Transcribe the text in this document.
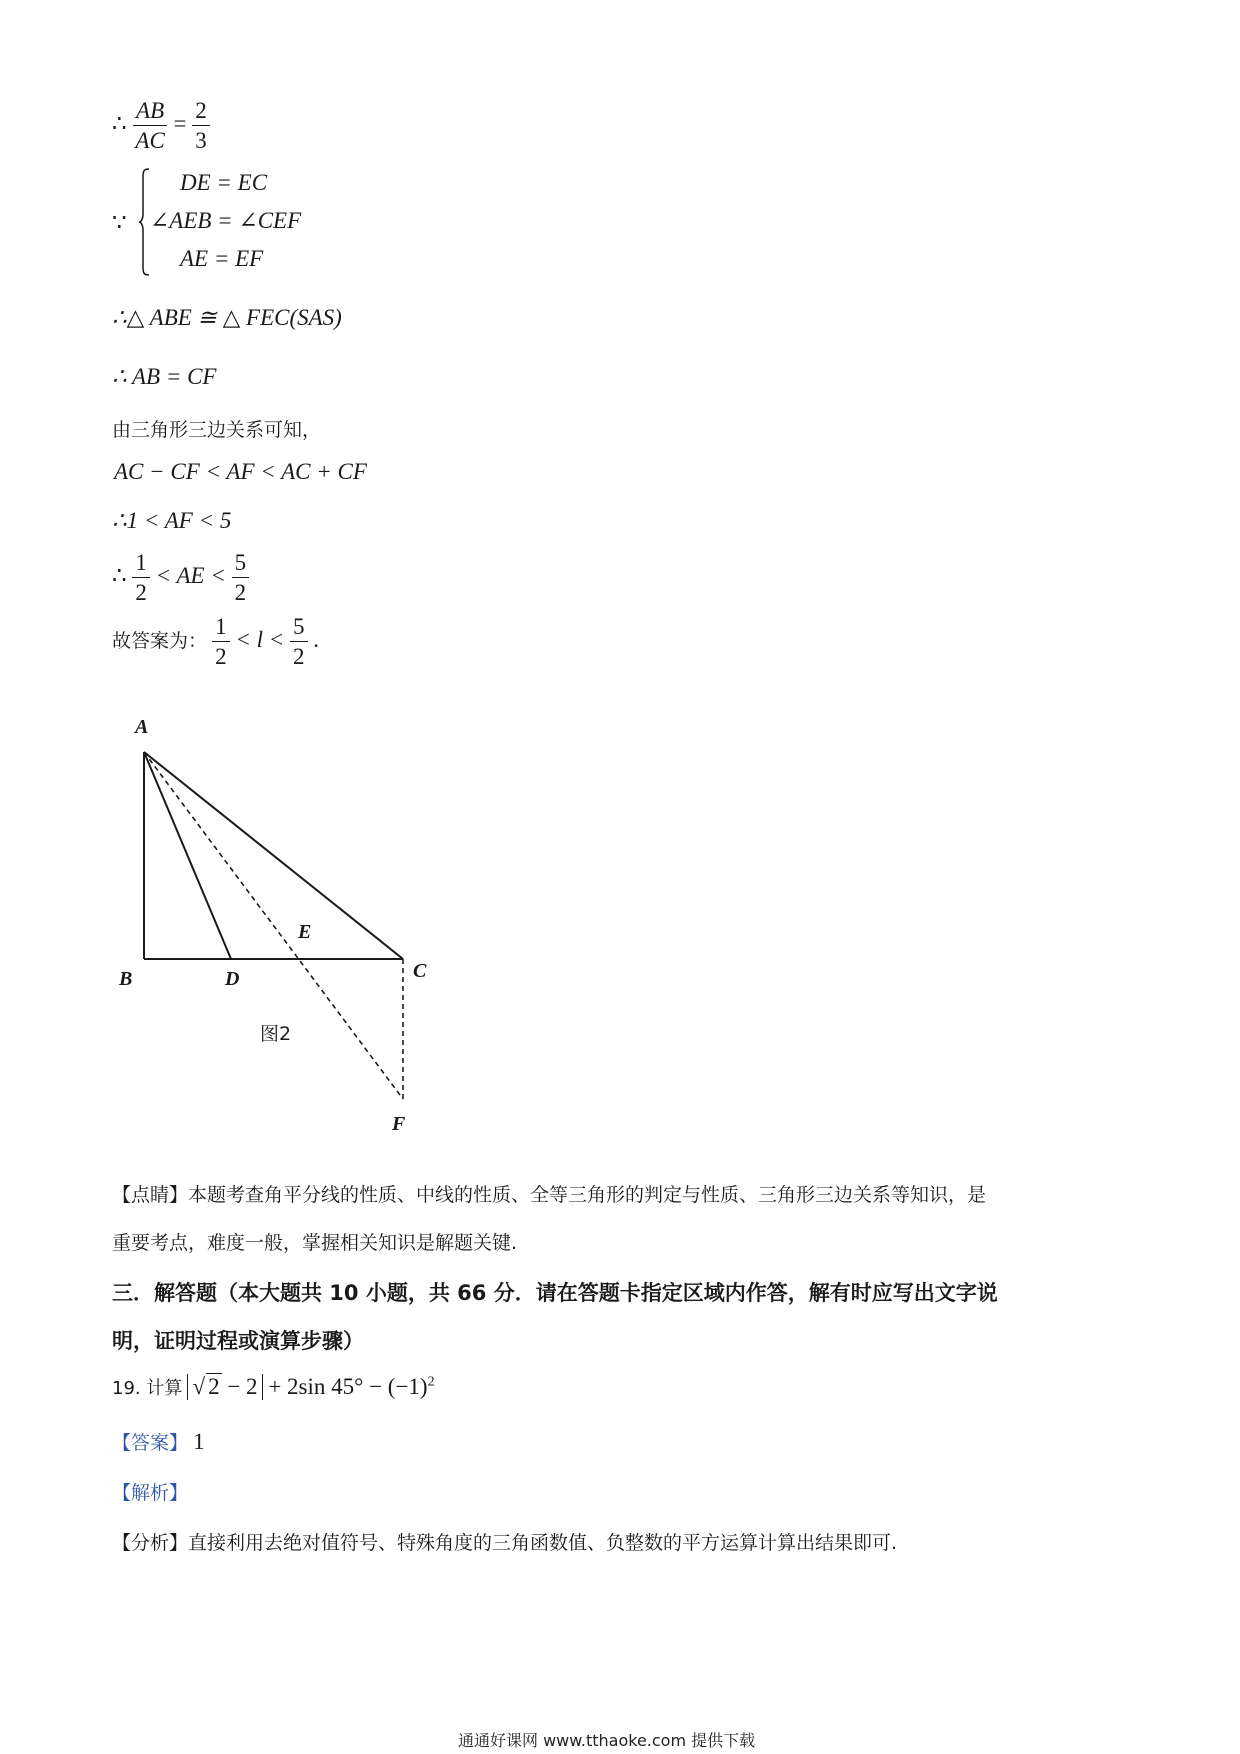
∴ $\frac{AB}{AC} = \frac{2}{3}$
∵
DE = EC
∠AEB = ∠CEF
AE = EF
∴△ ABE ≅ △ FEC(SAS)
∴ AB = CF
由三角形三边关系可知，
AC − CF < AF < AC + CF
∴1 < AF < 5
∴ $\frac{1}{2}$ < AE < $\frac{5}{2}$
故答案为： $\frac{1}{2} < l < \frac{5}{2}$ .
A
B	C
D
E
F
图2
【点睛】本题考查角平分线的性质、中线的性质、全等三角形的判定与性质、三角形三边关系等知识，是
重要考点，难度一般，掌握相关知识是解题关键.
三．解答题（本大题共 10 小题，共 66 分．请在答题卡指定区域内作答，解有时应写出文字说
明，证明过程或演算步骤）
19. 计算 √ 2 − 2 + 2sin $45^\circ - (-1)^2$
【答案】 1
【解析】
【分析】直接利用去绝对值符号、特殊角度的三角函数值、负整数的平方运算计算出结果即可.
通通好课网 www.tthaoke.com 提供下载
